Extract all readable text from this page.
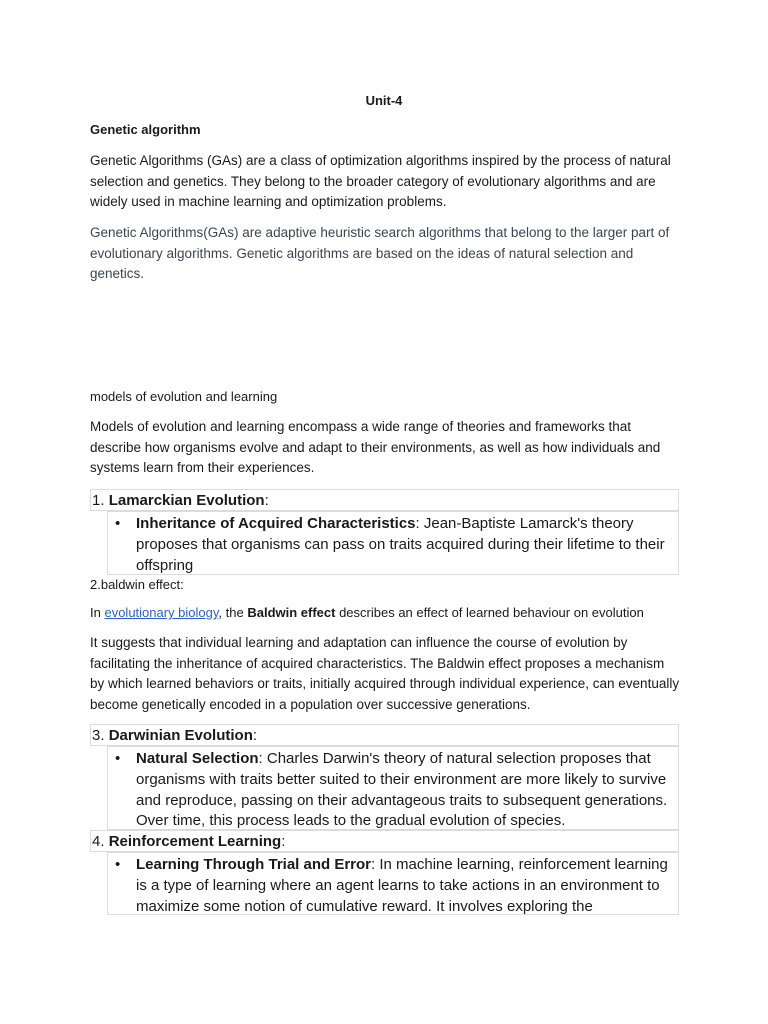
Unit-4
Genetic algorithm

Genetic Algorithms (GAs) are a class of optimization algorithms inspired by the process of natural selection and genetics. They belong to the broader category of evolutionary algorithms and are widely used in machine learning and optimization problems.

Genetic Algorithms(GAs) are adaptive heuristic search algorithms that belong to the larger part of evolutionary algorithms. Genetic algorithms are based on the ideas of natural selection and genetics.

models of evolution and learning

Models of evolution and learning encompass a wide range of theories and frameworks that describe how organisms evolve and adapt to their environments, as well as how individuals and systems learn from their experiences.

1. Lamarckian Evolution:
• Inheritance of Acquired Characteristics: Jean-Baptiste Lamarck's theory proposes that organisms can pass on traits acquired during their lifetime to their offspring
2.baldwin effect:
In evolutionary biology, the Baldwin effect describes an effect of learned behaviour on evolution

It suggests that individual learning and adaptation can influence the course of evolution by facilitating the inheritance of acquired characteristics. The Baldwin effect proposes a mechanism by which learned behaviors or traits, initially acquired through individual experience, can eventually become genetically encoded in a population over successive generations.

3. Darwinian Evolution:
• Natural Selection: Charles Darwin's theory of natural selection proposes that organisms with traits better suited to their environment are more likely to survive and reproduce, passing on their advantageous traits to subsequent generations. Over time, this process leads to the gradual evolution of species.
4. Reinforcement Learning:
• Learning Through Trial and Error: In machine learning, reinforcement learning is a type of learning where an agent learns to take actions in an environment to maximize some notion of cumulative reward. It involves exploring the
